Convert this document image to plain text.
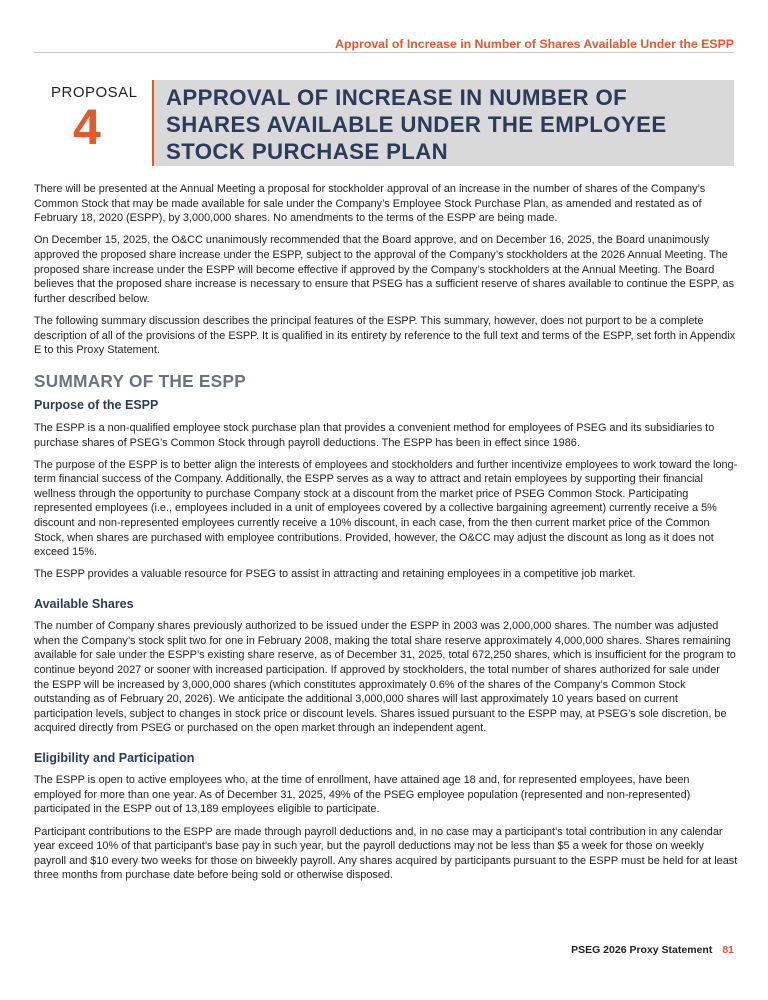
Approval of Increase in Number of Shares Available Under the ESPP
PROPOSAL
4
APPROVAL OF INCREASE IN NUMBER OF SHARES AVAILABLE UNDER THE EMPLOYEE STOCK PURCHASE PLAN

There will be presented at the Annual Meeting a proposal for stockholder approval of an increase in the number of shares of the Company’s Common Stock that may be made available for sale under the Company’s Employee Stock Purchase Plan, as amended and restated as of February 18, 2020 (ESPP), by 3,000,000 shares. No amendments to the terms of the ESPP are being made.

On December 15, 2025, the O&CC unanimously recommended that the Board approve, and on December 16, 2025, the Board unanimously approved the proposed share increase under the ESPP, subject to the approval of the Company’s stockholders at the 2026 Annual Meeting. The proposed share increase under the ESPP will become effective if approved by the Company’s stockholders at the Annual Meeting. The Board believes that the proposed share increase is necessary to ensure that PSEG has a sufficient reserve of shares available to continue the ESPP, as further described below.

The following summary discussion describes the principal features of the ESPP. This summary, however, does not purport to be a complete description of all of the provisions of the ESPP. It is qualified in its entirety by reference to the full text and terms of the ESPP, set forth in Appendix E to this Proxy Statement.

SUMMARY OF THE ESPP
Purpose of the ESPP

The ESPP is a non-qualified employee stock purchase plan that provides a convenient method for employees of PSEG and its subsidiaries to purchase shares of PSEG’s Common Stock through payroll deductions. The ESPP has been in effect since 1986.

The purpose of the ESPP is to better align the interests of employees and stockholders and further incentivize employees to work toward the long-term financial success of the Company. Additionally, the ESPP serves as a way to attract and retain employees by supporting their financial wellness through the opportunity to purchase Company stock at a discount from the market price of PSEG Common Stock. Participating represented employees (i.e., employees included in a unit of employees covered by a collective bargaining agreement) currently receive a 5% discount and non-represented employees currently receive a 10% discount, in each case, from the then current market price of the Common Stock, when shares are purchased with employee contributions. Provided, however, the O&CC may adjust the discount as long as it does not exceed 15%.

The ESPP provides a valuable resource for PSEG to assist in attracting and retaining employees in a competitive job market.

Available Shares

The number of Company shares previously authorized to be issued under the ESPP in 2003 was 2,000,000 shares. The number was adjusted when the Company’s stock split two for one in February 2008, making the total share reserve approximately 4,000,000 shares. Shares remaining available for sale under the ESPP’s existing share reserve, as of December 31, 2025, total 672,250 shares, which is insufficient for the program to continue beyond 2027 or sooner with increased participation. If approved by stockholders, the total number of shares authorized for sale under the ESPP will be increased by 3,000,000 shares (which constitutes approximately 0.6% of the shares of the Company’s Common Stock outstanding as of February 20, 2026). We anticipate the additional 3,000,000 shares will last approximately 10 years based on current participation levels, subject to changes in stock price or discount levels. Shares issued pursuant to the ESPP may, at PSEG’s sole discretion, be acquired directly from PSEG or purchased on the open market through an independent agent.

Eligibility and Participation

The ESPP is open to active employees who, at the time of enrollment, have attained age 18 and, for represented employees, have been employed for more than one year. As of December 31, 2025, 49% of the PSEG employee population (represented and non-represented) participated in the ESPP out of 13,189 employees eligible to participate.

Participant contributions to the ESPP are made through payroll deductions and, in no case may a participant’s total contribution in any calendar year exceed 10% of that participant’s base pay in such year, but the payroll deductions may not be less than $5 a week for those on weekly payroll and $10 every two weeks for those on biweekly payroll. Any shares acquired by participants pursuant to the ESPP must be held for at least three months from purchase date before being sold or otherwise disposed.

PSEG 2026 Proxy Statement 81
